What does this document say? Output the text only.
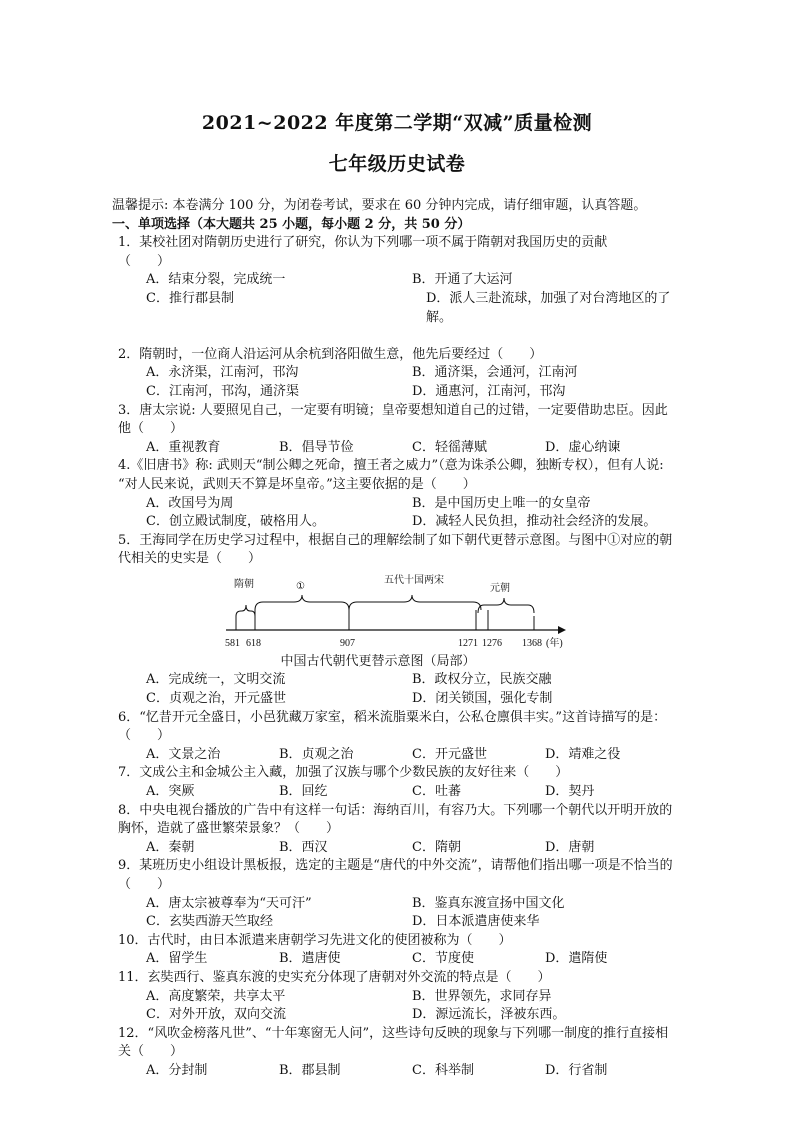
2021~2022 年度第二学期“双减”质量检测
七年级历史试卷
温馨提示: 本卷满分 100 分，为闭卷考试，要求在 60 分钟内完成，请仔细审题，认真答题。
一、单项选择（本大题共 25 小题，每小题 2 分，共 50 分）
1．某校社团对隋朝历史进行了研究，你认为下列哪一项不属于隋朝对我国历史的贡献
（　　）
A．结束分裂，完成统一	B．开通了大运河
C．推行郡县制	D．派人三赴流球，加强了对台湾地区的了解。
2．隋朝时，一位商人沿运河从余杭到洛阳做生意，他先后要经过（　　）
A．永济渠，江南河，邗沟	B．通济渠，会通河，江南河
C．江南河，邗沟，通济渠	D．通惠河，江南河，邗沟
3．唐太宗说: 人要照见自己，一定要有明镜；皇帝要想知道自己的过错，一定要借助忠臣。因此他（　　）
A．重视教育	B．倡导节俭	C．轻徭薄赋	D．虚心纳谏
4.《旧唐书》称: 武则天“制公卿之死命，擅王者之威力”（意为诛杀公卿，独断专权），但有人说: “对人民来说，武则天不算是坏皇帝。”这主要依据的是（　　）
A．改国号为周	B．是中国历史上唯一的女皇帝
C．创立殿试制度，破格用人。	D．减轻人民负担，推动社会经济的发展。
5．王海同学在历史学习过程中，根据自己的理解绘制了如下朝代更替示意图。与图中①对应的朝代相关的史实是（　　）
隋朝	①
五代十国两宋
元朝
581 618	907	1271 1276 1368 (年)
中国古代朝代更替示意图（局部）
A．完成统一，文明交流	B．政权分立，民族交融
C．贞观之治，开元盛世	D．闭关锁国，强化专制
6．“忆昔开元全盛日，小邑犹藏万家室，稻米流脂粟米白，公私仓廪俱丰实。”这首诗描写的是：（　　）
A．文景之治	B．贞观之治	C．开元盛世	D．靖难之役
7．文成公主和金城公主入藏，加强了汉族与哪个少数民族的友好往来（　　）
A．突厥	B．回纥	C．吐蕃	D．契丹
8．中央电视台播放的广告中有这样一句话：海纳百川，有容乃大。下列哪一个朝代以开明开放的胸怀，造就了盛世繁荣景象？（　　）
A．秦朝	B．西汉	C．隋朝	D．唐朝
9．某班历史小组设计黑板报，选定的主题是“唐代的中外交流”，请帮他们指出哪一项是不恰当的（　　）
A．唐太宗被尊奉为“天可汗”	B．鉴真东渡宣扬中国文化
C．玄奘西游天竺取经	D．日本派遣唐使来华
10．古代时，由日本派遣来唐朝学习先进文化的使团被称为（　　）
A．留学生	B．遣唐使	C．节度使	D．遣隋使
11．玄奘西行、鉴真东渡的史实充分体现了唐朝对外交流的特点是（　　）
A．高度繁荣，共享太平	B．世界领先，求同存异
C．对外开放，双向交流	D．源远流长，泽被东西。
12．“风吹金榜落凡世”、“十年寒窗无人问”，这些诗句反映的现象与下列哪一制度的推行直接相关（　　）
A．分封制	B．郡县制	C．科举制	D．行省制
